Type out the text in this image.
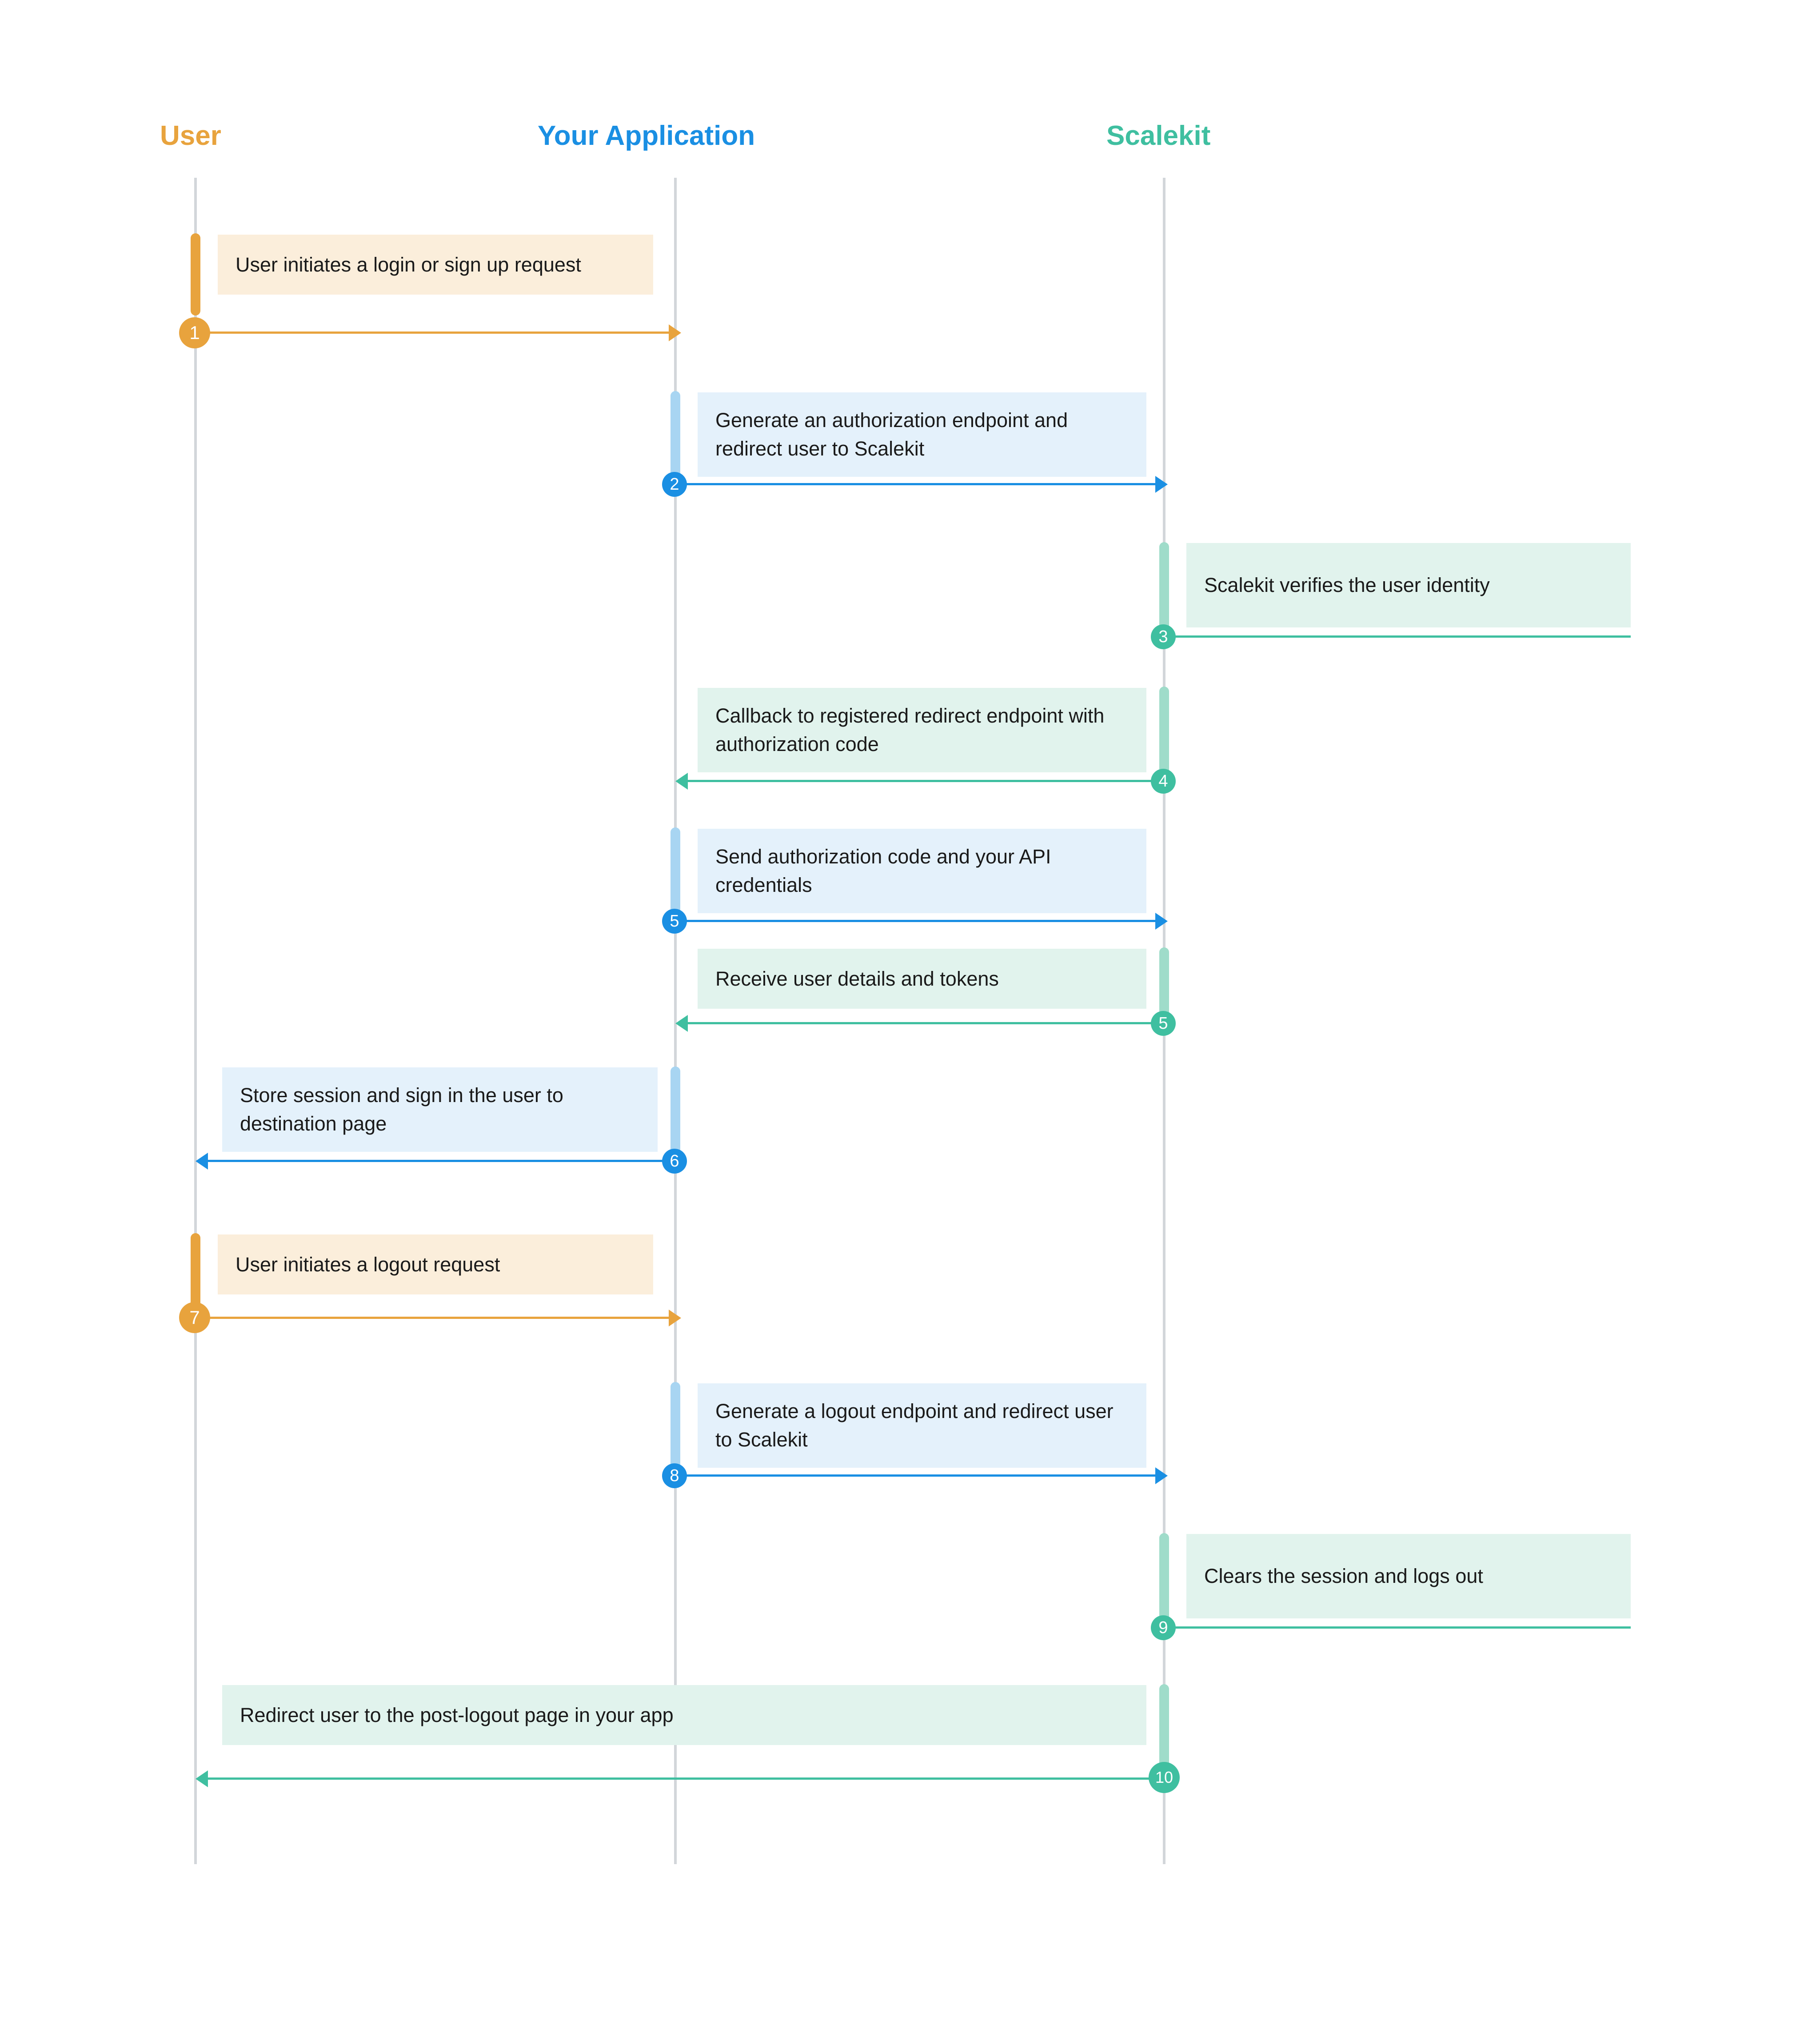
User	Your Application	Scalekit
User initiates a login or sign up request
1
Generate an authorization endpoint and redirect user to Scalekit
2
Scalekit verifies the user identity
3
Callback to registered redirect endpoint with authorization code
4
Send authorization code and your API credentials
5
Receive user details and tokens
5
Store session and sign in the user to destination page
6
User initiates a logout request
7
Generate a logout endpoint and redirect user to Scalekit
8
Clears the session and logs out
9
Redirect user to the post-logout page in your app
10
